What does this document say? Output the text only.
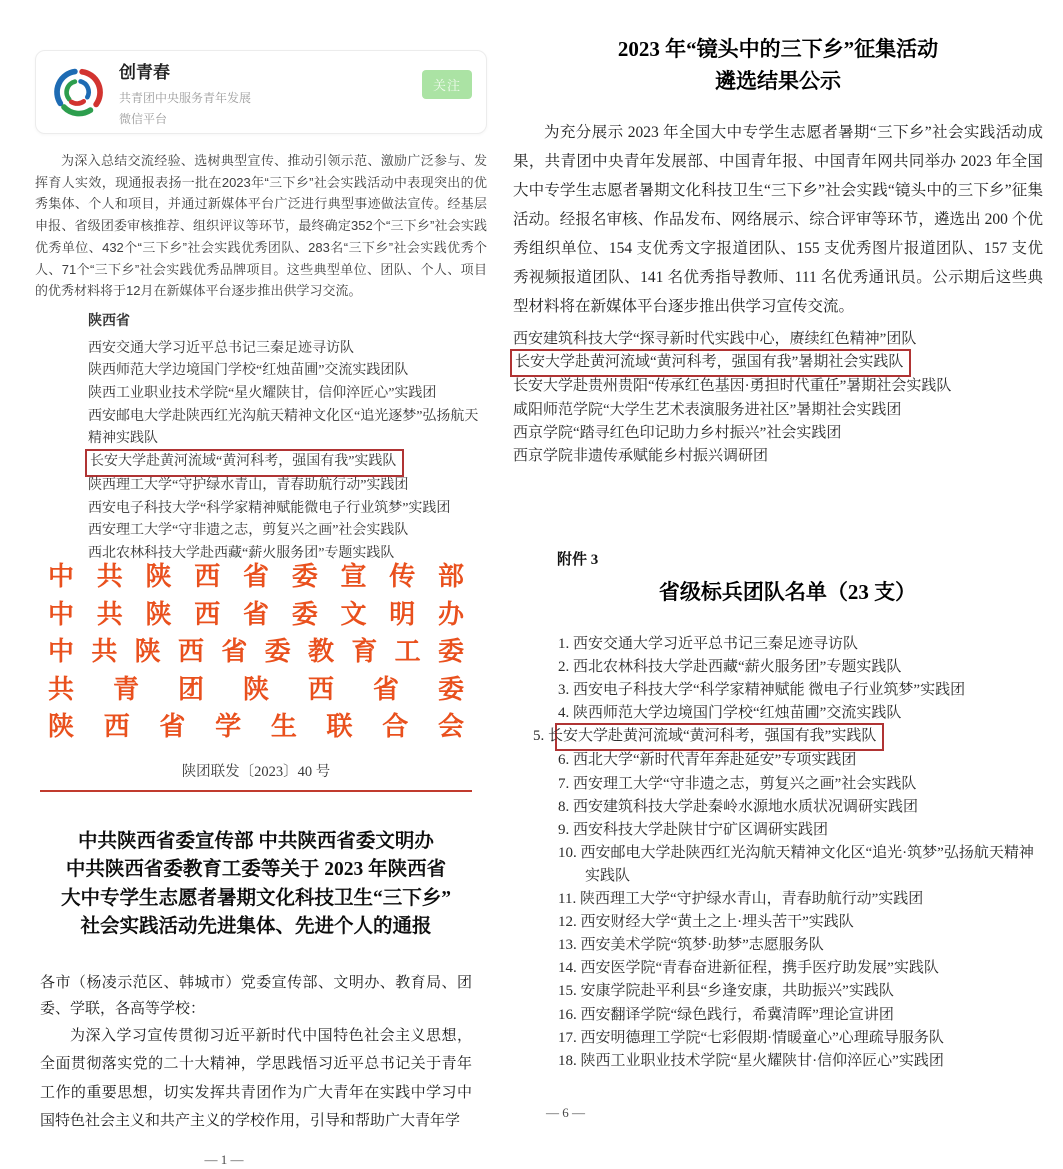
创青春
共青团中央服务青年发展
微信平台
关注

为深入总结交流经验、选树典型宣传、推动引领示范、激励广泛参与、发挥育人实效，现通报表扬一批在2023年“三下乡”社会实践活动中表现突出的优秀集体、个人和项目，并通过新媒体平台广泛进行典型事迹做法宣传。经基层申报、省级团委审核推荐、组织评议等环节，最终确定352个“三下乡”社会实践优秀单位、432个“三下乡”社会实践优秀团队、283名“三下乡”社会实践优秀个人、71个“三下乡”社会实践优秀品牌项目。这些典型单位、团队、个人、项目的优秀材料将于12月在新媒体平台逐步推出供学习交流。

陕西省
西安交通大学习近平总书记三秦足迹寻访队
陕西师范大学边境国门学校“红烛苗圃”交流实践团队
陕西工业职业技术学院“星火耀陕甘，信仰淬匠心”实践团
西安邮电大学赴陕西红光沟航天精神文化区“追光逐梦”弘扬航天精神实践队
长安大学赴黄河流域“黄河科考，强国有我”实践队
陕西理工大学“守护绿水青山，青春助航行动”实践团
西安电子科技大学“科学家精神赋能微电子行业筑梦”实践团
西安理工大学“守非遗之志，剪复兴之画”社会实践队
西北农林科技大学赴西藏“薪火服务团”专题实践队
2023 年“镜头中的三下乡”征集活动
遴选结果公示

为充分展示 2023 年全国大中专学生志愿者暑期“三下乡”社会实践活动成果，共青团中央青年发展部、中国青年报、中国青年网共同举办 2023 年全国大中专学生志愿者暑期文化科技卫生“三下乡”社会实践“镜头中的三下乡”征集活动。经报名审核、作品发布、网络展示、综合评审等环节，遴选出 200 个优秀组织单位、154 支优秀文字报道团队、155 支优秀图片报道团队、157 支优秀视频报道团队、141 名优秀指导教师、111 名优秀通讯员。公示期后这些典型材料将在新媒体平台逐步推出供学习宣传交流。

西安建筑科技大学“探寻新时代实践中心，赓续红色精神”团队
长安大学赴黄河流域“黄河科考，强国有我”暑期社会实践队
长安大学赴贵州贵阳“传承红色基因·勇担时代重任”暑期社会实践队
咸阳师范学院“大学生艺术表演服务进社区”暑期社会实践团
西京学院“踏寻红色印记助力乡村振兴”社会实践团
西京学院非遗传承赋能乡村振兴调研团
中共陕西省委宣传部
中共陕西省委文明办
中共陕西省委教育工委
共青团陕西省委
陕西省学生联合会
陕团联发〔2023〕40 号
中共陕西省委宣传部 中共陕西省委文明办
中共陕西省委教育工委等关于 2023 年陕西省
大中专学生志愿者暑期文化科技卫生“三下乡”
社会实践活动先进集体、先进个人的通报

各市（杨凌示范区、韩城市）党委宣传部、文明办、教育局、团委、学联，各高等学校：

为深入学习宣传贯彻习近平新时代中国特色社会主义思想，全面贯彻落实党的二十大精神，学思践悟习近平总书记关于青年工作的重要思想，切实发挥共青团作为广大青年在实践中学习中国特色社会主义和共产主义的学校作用，引导和帮助广大青年学

— 1 —
附件 3
省级标兵团队名单（23 支）
1. 西安交通大学习近平总书记三秦足迹寻访队
2. 西北农林科技大学赴西藏“薪火服务团”专题实践队
3. 西安电子科技大学“科学家精神赋能 微电子行业筑梦”实践团
4. 陕西师范大学边境国门学校“红烛苗圃”交流实践队
5. 长安大学赴黄河流域“黄河科考，强国有我”实践队
6. 西北大学“新时代青年奔赴延安”专项实践团
7. 西安理工大学“守非遗之志，剪复兴之画”社会实践队
8. 西安建筑科技大学赴秦岭水源地水质状况调研实践团
9. 西安科技大学赴陕甘宁矿区调研实践团
10. 西安邮电大学赴陕西红光沟航天精神文化区“追光·筑梦”弘扬航天精神实践队
11. 陕西理工大学“守护绿水青山，青春助航行动”实践团
12. 西安财经大学“黄土之上·埋头苦干”实践队
13. 西安美术学院“筑梦·助梦”志愿服务队
14. 西安医学院“青春奋进新征程，携手医疗助发展”实践队
15. 安康学院赴平利县“乡逢安康，共助振兴”实践队
16. 西安翻译学院“绿色践行，希冀清晖”理论宣讲团
17. 西安明德理工学院“七彩假期·情暖童心”心理疏导服务队
18. 陕西工业职业技术学院“星火耀陕甘·信仰淬匠心”实践团
— 6 —
